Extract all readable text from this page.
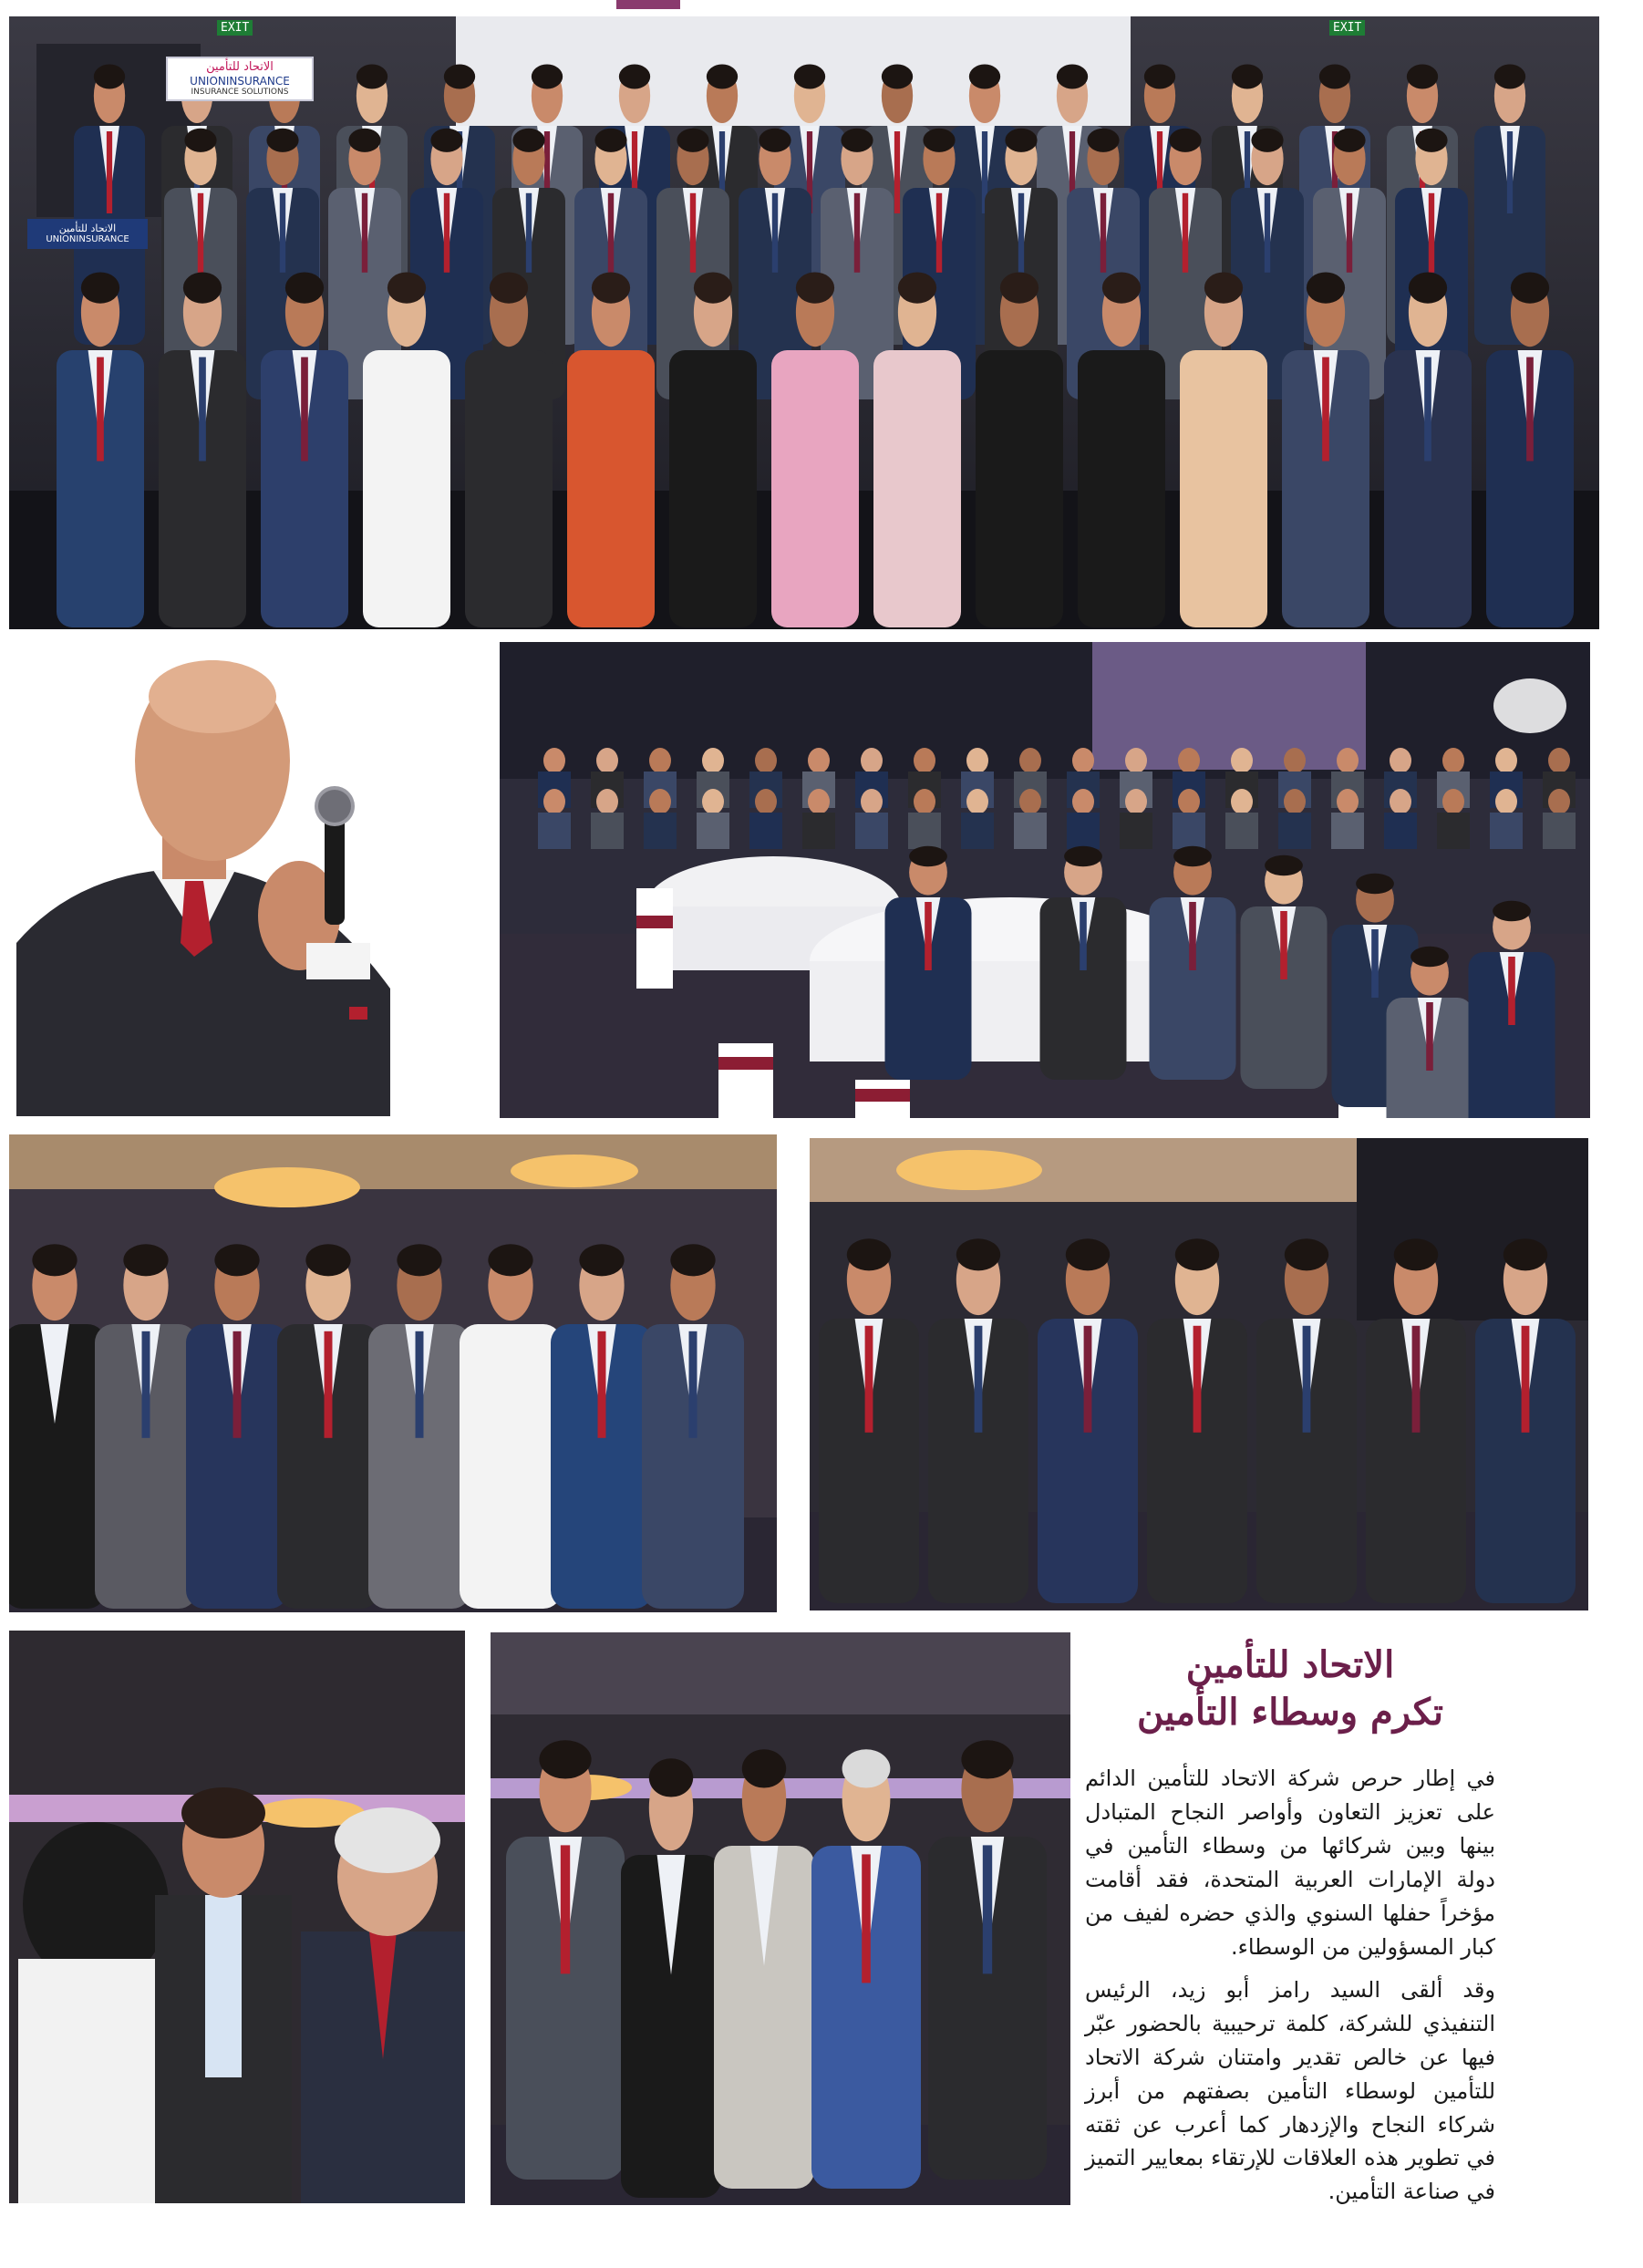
الاتحاد للتأمين
UNIONINSURANCE
INSURANCE SOLUTIONS
الاتحاد للتأمين
UNIONINSURANCE
EXIT	EXIT
الاتحاد للتأمين
تكرم وسطاء التأمين

في إطار حرص شركة الاتحاد للتأمين الدائم على تعزيز التعاون وأواصر النجاح المتبادل بينها وبين شركائها من وسطاء التأمين في دولة الإمارات العربية المتحدة، فقد أقامت مؤخراً حفلها السنوي والذي حضره لفيف من كبار المسؤولين من الوسطاء.

وقد ألقى السيد رامز أبو زيد، الرئيس التنفيذي للشركة، كلمة ترحيبية بالحضور عبّر فيها عن خالص تقدير وامتنان شركة الاتحاد للتأمين لوسطاء التأمين بصفتهم من أبرز شركاء النجاح والإزدهار كما أعرب عن ثقته في تطوير هذه العلاقات للإرتقاء بمعايير التميز في صناعة التأمين.
